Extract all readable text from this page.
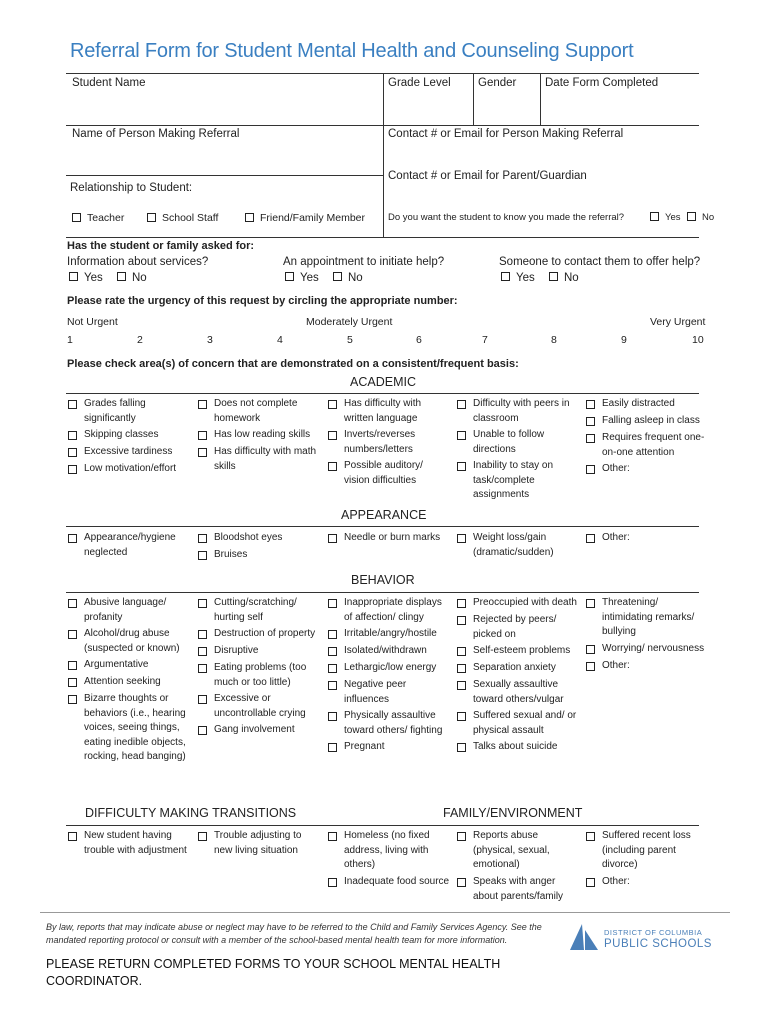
Referral Form for Student Mental Health and Counseling Support
Student Name	Grade Level Gender Date Form Completed
Name of Person Making Referral	Contact # or Email for Person Making Referral
Contact # or Email for Parent/Guardian
Relationship to Student:
Teacher	School Staff	Friend/Family Member Do you want the student to know you made the referral?	Yes	No
Has the student or family asked for:
Information about services?	An appointment to initiate help?	Someone to contact them to offer help?
Yes	No	Yes	No	Yes	No
Please rate the urgency of this request by circling the appropriate number:
Not Urgent	Moderately Urgent	Very Urgent
1	2	3	4	5	6	7	8	9	10
Please check area(s) of concern that are demonstrated on a consistent/frequent basis:
ACADEMIC
Grades falling significantly
Skipping classes
Excessive tardiness
Low motivation/effort
Does not complete homework
Has low reading skills
Has difficulty with math skills
Has difficulty with written language
Inverts/reverses numbers/letters
Possible auditory/ vision difficulties
Difficulty with peers in classroom
Unable to follow directions
Inability to stay on task/complete assignments
Easily distracted
Falling asleep in class
Requires frequent one-on-one attention
Other:
APPEARANCE
Appearance/hygiene neglected
Bloodshot eyes
Bruises
Needle or burn marks	Weight loss/gain (dramatic/sudden)
Other:
BEHAVIOR
Abusive language/ profanity
Alcohol/drug abuse (suspected or known)
Argumentative
Attention seeking
Bizarre thoughts or behaviors (i.e., hearing voices, seeing things, eating inedible objects, rocking, head banging)
Cutting/scratching/ hurting self
Destruction of property
Disruptive
Eating problems (too much or too little)
Excessive or uncontrollable crying
Gang involvement
Inappropriate displays of affection/ clingy
Irritable/angry/hostile
Isolated/withdrawn
Lethargic/low energy
Negative peer influences
Physically assaultive toward others/ fighting
Pregnant
Preoccupied with death
Rejected by peers/ picked on
Self-esteem problems
Separation anxiety
Sexually assaultive toward others/vulgar
Suffered sexual and/ or physical assault
Talks about suicide
Threatening/ intimidating remarks/ bullying
Worrying/ nervousness
Other:
DIFFICULTY MAKING TRANSITIONS	FAMILY/ENVIRONMENT
New student having trouble with adjustment
Trouble adjusting to new living situation
Homeless (no fixed address, living with others)
Inadequate food source
Reports abuse (physical, sexual, emotional)
Speaks with anger about parents/family
Suffered recent loss (including parent divorce)
Other:
By law, reports that may indicate abuse or neglect may have to be referred to the Child and Family Services Agency. See the mandated reporting protocol or consult with a member of the school-based mental health team for more information.
PLEASE RETURN COMPLETED FORMS TO YOUR SCHOOL MENTAL HEALTH COORDINATOR.
DISTRICT OF COLUMBIA
PUBLIC SCHOOLS
